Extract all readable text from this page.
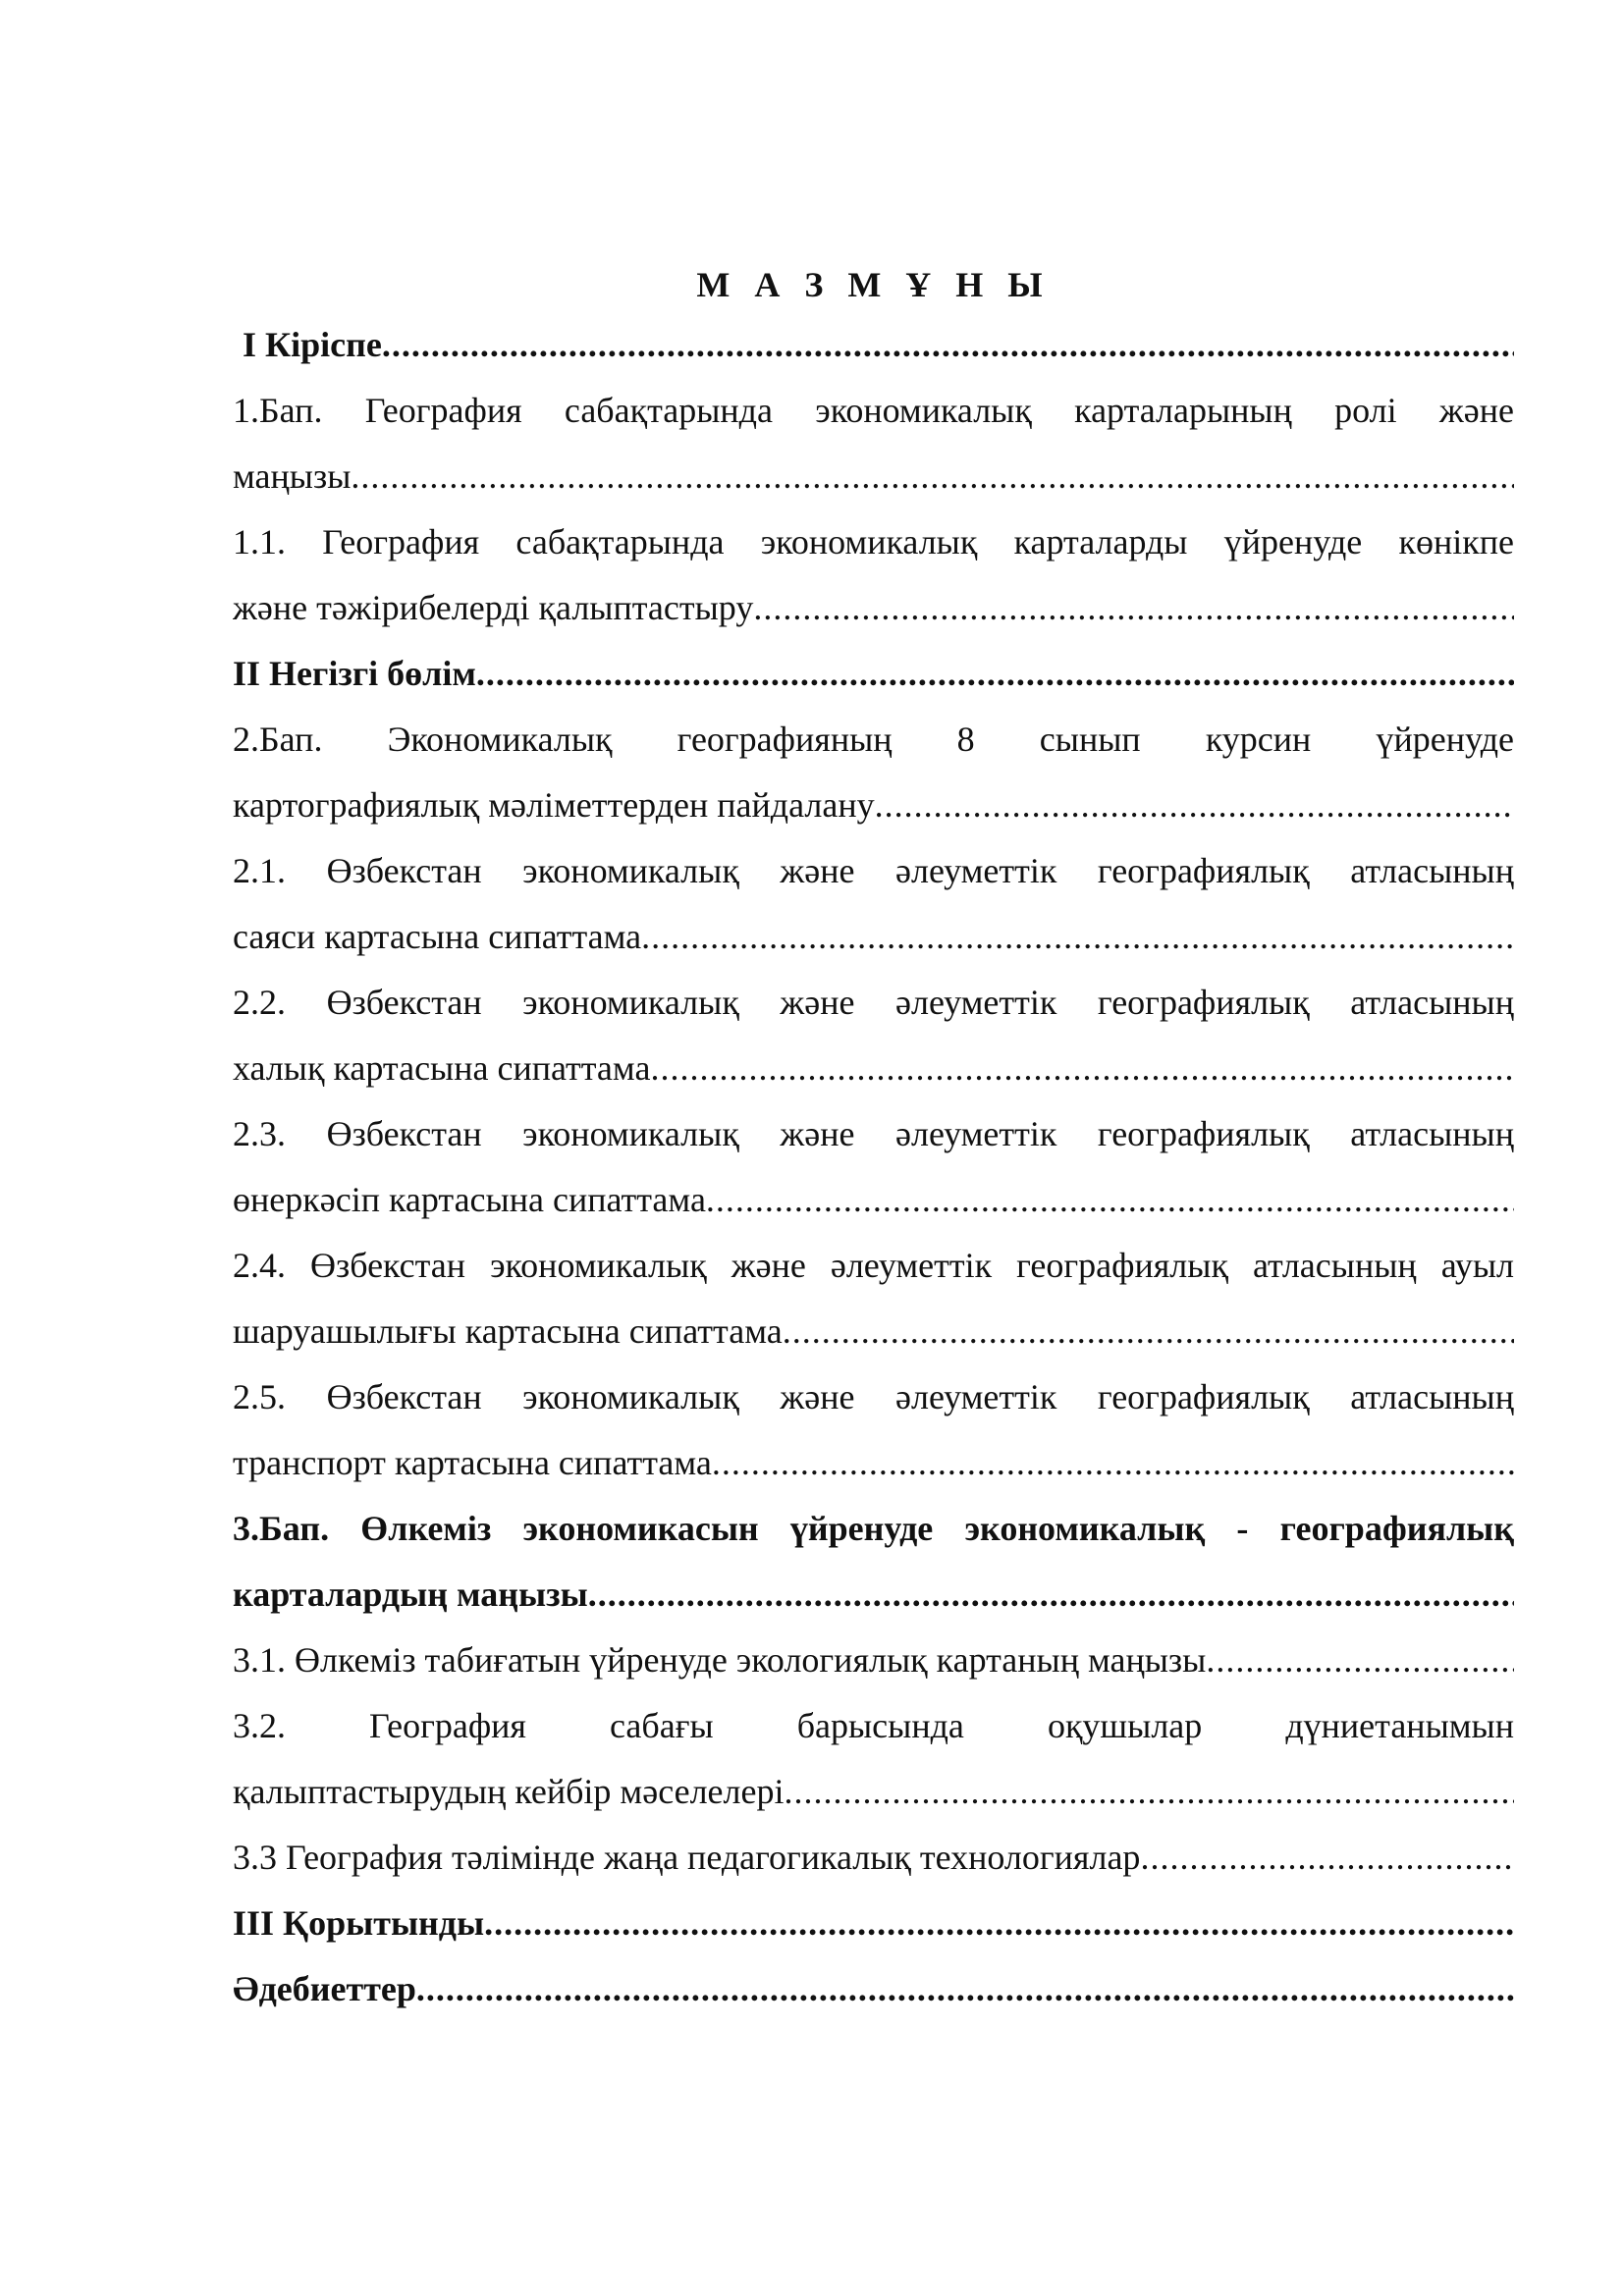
М А З М Ұ Н Ы
I Кіріспе
.....
1.Бап. География сабақтарында экономикалық карталарының ролі және
маңызы
.....
1.1. География сабақтарында экономикалық карталарды үйренуде көнікпе
және тәжірибелерді қалыптастыру
.....
II Негізгі бөлім
.....
2.Бап. Экономикалық географияның 8 сынып курсин үйренуде
картографиялық мәліметтерден пайдалану
.....
2.1. Өзбекстан экономикалық және әлеуметтік географиялық атласының
саяси картасына сипаттама
.....
2.2. Өзбекстан экономикалық және әлеуметтік географиялық атласының
халық картасына сипаттама
.....
2.3. Өзбекстан экономикалық және әлеуметтік географиялық атласының
өнеркәсіп картасына сипаттама
.....
2.4. Өзбекстан экономикалық және әлеуметтік географиялық атласының ауыл
шаруашылығы картасына сипаттама
.....
2.5. Өзбекстан экономикалық және әлеуметтік географиялық атласының
транспорт картасына сипаттама
.....
3.Бап. Өлкеміз экономикасын үйренуде экономикалық - географиялық
карталардың маңызы
.....
3.1. Өлкеміз табиғатын үйренуде экологиялық картаның маңызы
.....
3.2. География сабағы барысында оқушылар дүниетанымын
қалыптастырудың кейбір мәселелері
.....
3.3 География тәлімінде жаңа педагогикалық технологиялар
.....
III Қорытынды
.....
Әдебиеттер
.....
